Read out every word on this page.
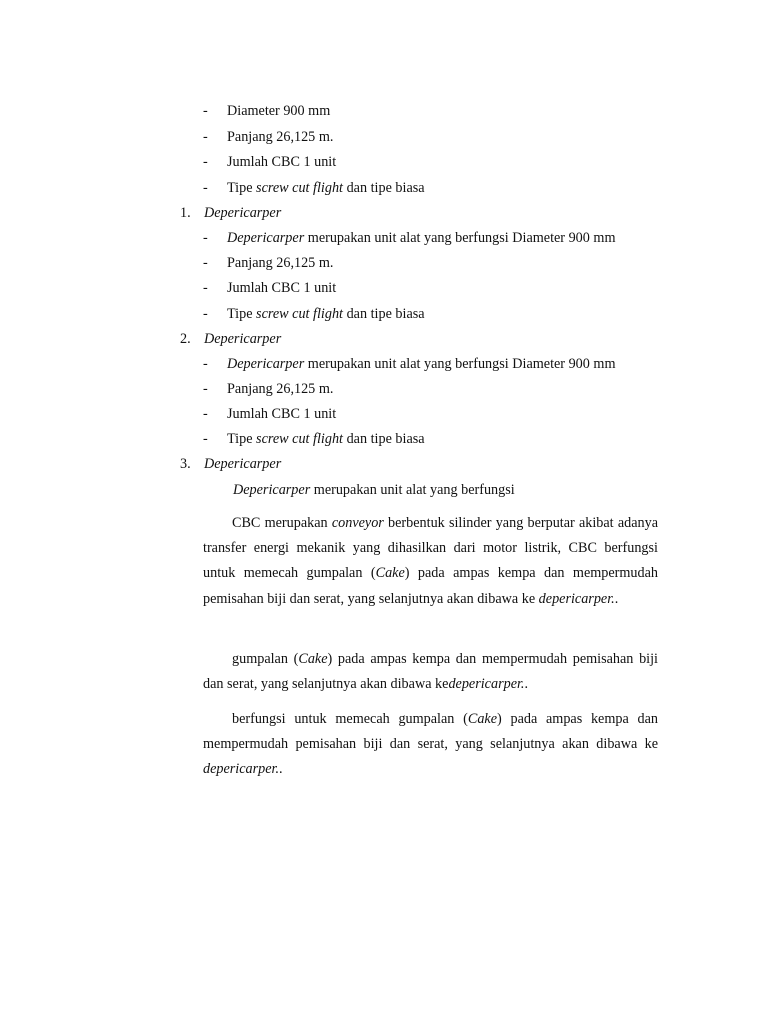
- Diameter 900 mm
- Panjang 26,125 m.
- Jumlah CBC 1 unit
- Tipe screw cut flight dan tipe biasa
1. Depericarper
- Depericarper merupakan unit alat yang berfungsi Diameter 900 mm
- Panjang 26,125 m.
- Jumlah CBC 1 unit
- Tipe screw cut flight dan tipe biasa
2. Depericarper
- Depericarper merupakan unit alat yang berfungsi Diameter 900 mm
- Panjang 26,125 m.
- Jumlah CBC 1 unit
- Tipe screw cut flight dan tipe biasa
3. Depericarper
Depericarper merupakan unit alat yang berfungsi

CBC merupakan conveyor berbentuk silinder yang berputar akibat adanya transfer energi mekanik yang dihasilkan dari motor listrik, CBC berfungsi untuk memecah gumpalan (Cake) pada ampas kempa dan mempermudah pemisahan biji dan serat, yang selanjutnya akan dibawa ke depericarper..

gumpalan (Cake) pada ampas kempa dan mempermudah pemisahan biji dan serat, yang selanjutnya akan dibawa kedepericarper..

berfungsi untuk memecah gumpalan (Cake) pada ampas kempa dan mempermudah pemisahan biji dan serat, yang selanjutnya akan dibawa ke depericarper..
